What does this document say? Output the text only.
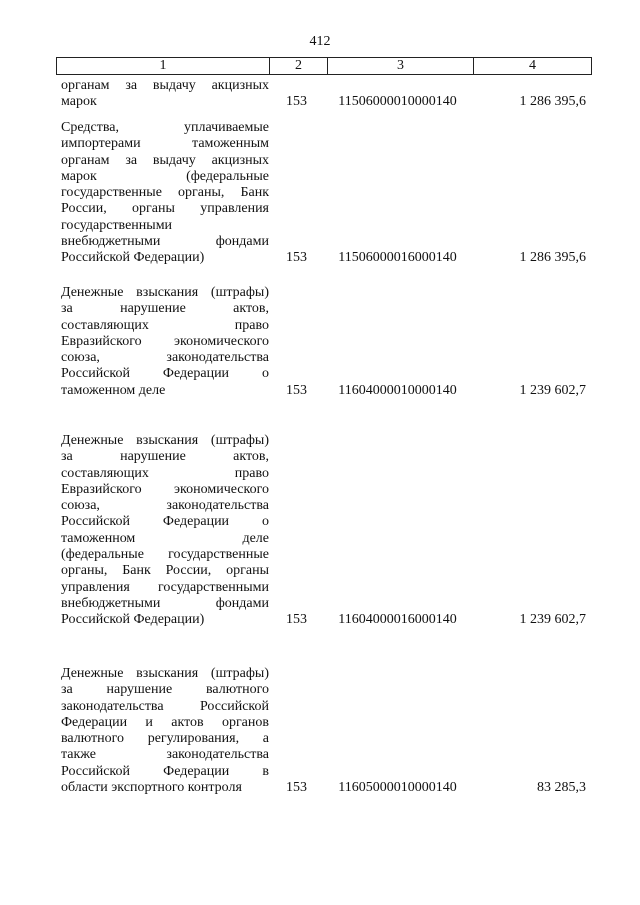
412
1	2	3	4
органам за выдачу акцизных
марок	153	11506000010000140	1 286 395,6
Средства, уплачиваемые
импортерами таможенным
органам за выдачу акцизных
марок (федеральные
государственные органы, Банк
России, органы управления
государственными
внебюджетными фондами
Российской Федерации)	153	11506000016000140	1 286 395,6
Денежные взыскания (штрафы)
за нарушение актов,
составляющих право
Евразийского экономического
союза, законодательства
Российской Федерации о
таможенном деле	153	11604000010000140	1 239 602,7
Денежные взыскания (штрафы)
за нарушение актов,
составляющих право
Евразийского экономического
союза, законодательства
Российской Федерации о
таможенном деле
(федеральные государственные
органы, Банк России, органы
управления государственными
внебюджетными фондами
Российской Федерации)	153	11604000016000140	1 239 602,7
Денежные взыскания (штрафы)
за нарушение валютного
законодательства Российской
Федерации и актов органов
валютного регулирования, а
также законодательства
Российской Федерации в
области экспортного контроля	153	11605000010000140	83 285,3
